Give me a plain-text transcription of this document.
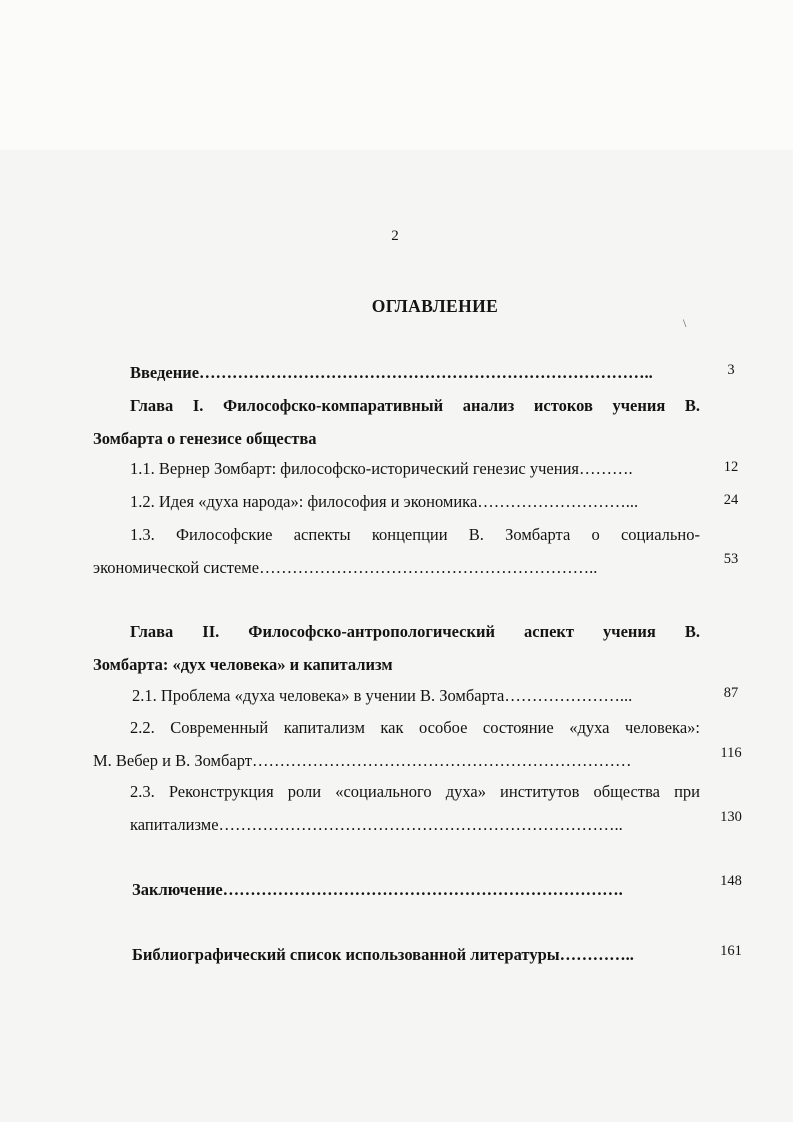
2
ОГЛАВЛЕНИЕ
\
Введение………………………………………………………………………..	3
Глава I. Философско-компаративный анализ истоков учения В.
Зомбарта о генезисе общества
1.1. Вернер Зомбарт: философско-исторический генезис учения……….	12
1.2. Идея «духа народа»: философия и экономика………………………...	24
1.3. Философские аспекты концепции В. Зомбарта о социально-
экономической системе……………………………………………………..	53
Глава II. Философско-антропологический аспект учения В.
Зомбарта: «дух человека» и капитализм
2.1. Проблема «духа человека» в учении В. Зомбарта…………………...	87
2.2. Современный капитализм как особое состояние «духа человека»:
М. Вебер и В. Зомбарт……………………………………………………………	116
2.3. Реконструкция роли «социального духа» институтов общества при
капитализме………………………………………………………………..	130
Заключение……………………………………………………………….	148
Библиографический список использованной литературы…………..	161
